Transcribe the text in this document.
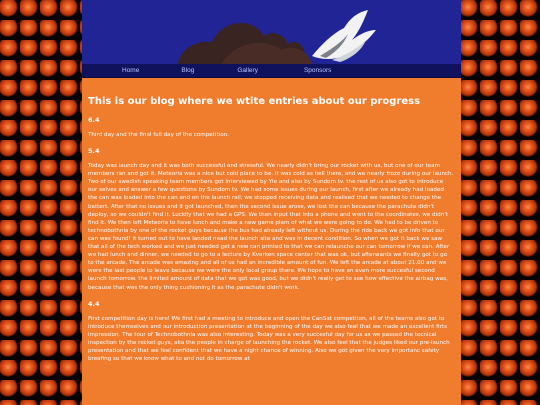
Home	Blog	Gallery	Sponsors
This is our blog where we wtite entries about our progress

6.4

Third day and the final full day of the competition.

5.4

Today was launch day and it was both successful and stressful. We nearly didn't bring our rocket with us, but one of our team members ran and got it. Meteoria was a nice but cold place to be. It was cold as hell there, and we nearly froze during our launch. Two of our swedish speaking team members got interviewed by Yle and also by Sundom tv. the rest of us also got to introduce our selves and answer a few questions by Sundom tv. We had some issues during our launch, first after we already had loaded the can was loaded into the can and on the launch rail, we stopped receiving data and realised that we needed to change the battert. After that no issues and it got launched, then the second issue arose, we lost the can because the parachute didn't deploy, so we couldn't find it. Luckily that we had a GPS. We then input that into a phone and went to the coordinates, we didn't find it. We then left Meteoria to have lunch and make a new game plam of what we were going to do. We had to be driven to technobothnia by one of the rocket guys because the bus had already left without us. During the ride back we got info that our can was found! it turned out to have landed nead the launch site and was in decent condition. So when we got it back we saw that all of the tech worked and we just needed get a new can printed to that we can relaunche our can tomorrow if we can. After we had lunch and dinner, we needed to go to a lecture by Kvarken space center that was ok, but afterwards we finally got to go to the arcade. The arcade was amazing and all of us had an incredible amount of fun. We left the arcade at about 21.00 and we were the last people to leave because we were the only local group there. We hope to have an even more succesful second launch tomorrow. the limited amount of data that we got was good, but we didn't really get to see how effective the airbag was, because that was the only thing cushioning it as the parachute didn't work.

4.4

First competition day is here! We first had a meeting to introduce and open the CanSat competiton, all of the teams also got to introduce themselves and our introduction presentation at the beginning of the day we also feel that we made an excellent firts impression. The tour of Technobothnia was also interesting. Today was a very succesful day for us as we passed the tecnical inspection by the rocket guys, aka the people in charge of launching the rocket. We also feel that the judges liked our pre-launch presentation and that we feel confident that we have a night chance of winning. Also we got given the very importanc safety breafing so that we know what to and not do tomorrow at
